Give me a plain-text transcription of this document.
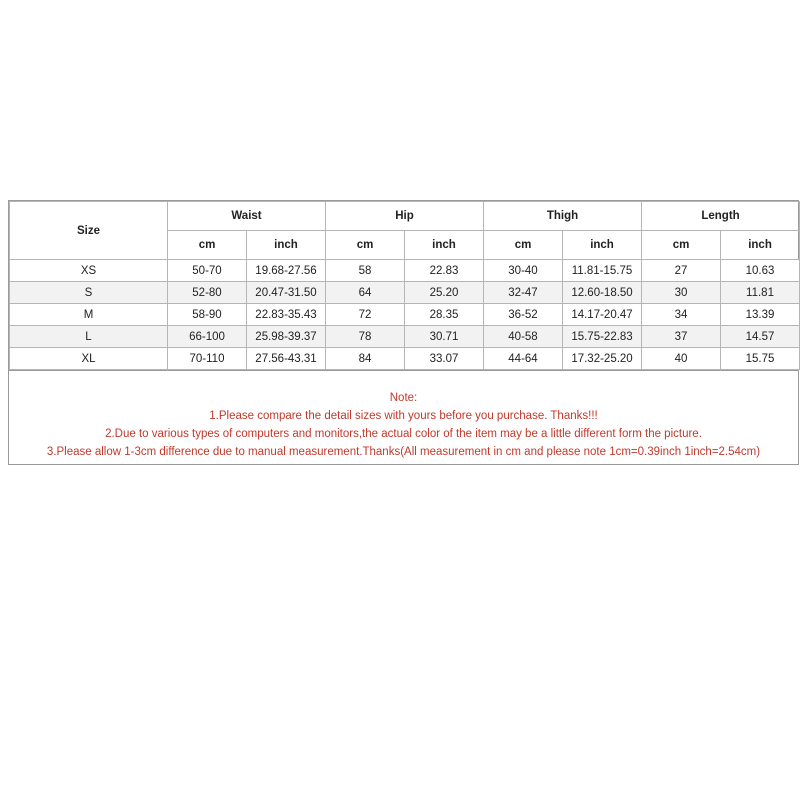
Size	Waist		Hip		Thigh		Length	
	cm	inch	cm	inch	cm	inch	cm	inch
XS	50-70	19.68-27.56	58	22.83	30-40	11.81-15.75	27	10.63
S	52-80	20.47-31.50	64	25.20	32-47	12.60-18.50	30	11.81
M	58-90	22.83-35.43	72	28.35	36-52	14.17-20.47	34	13.39
L	66-100	25.98-39.37	78	30.71	40-58	15.75-22.83	37	14.57
XL	70-110	27.56-43.31	84	33.07	44-64	17.32-25.20	40	15.75
Note:
1.Please compare the detail sizes with yours before you purchase. Thanks!!!
2.Due to various types of computers and monitors,the actual color of the item may be a little different form the picture.
3.Please allow 1-3cm difference due to manual measurement.Thanks(All measurement in cm and please note 1cm=0.39inch 1inch=2.54cm)
